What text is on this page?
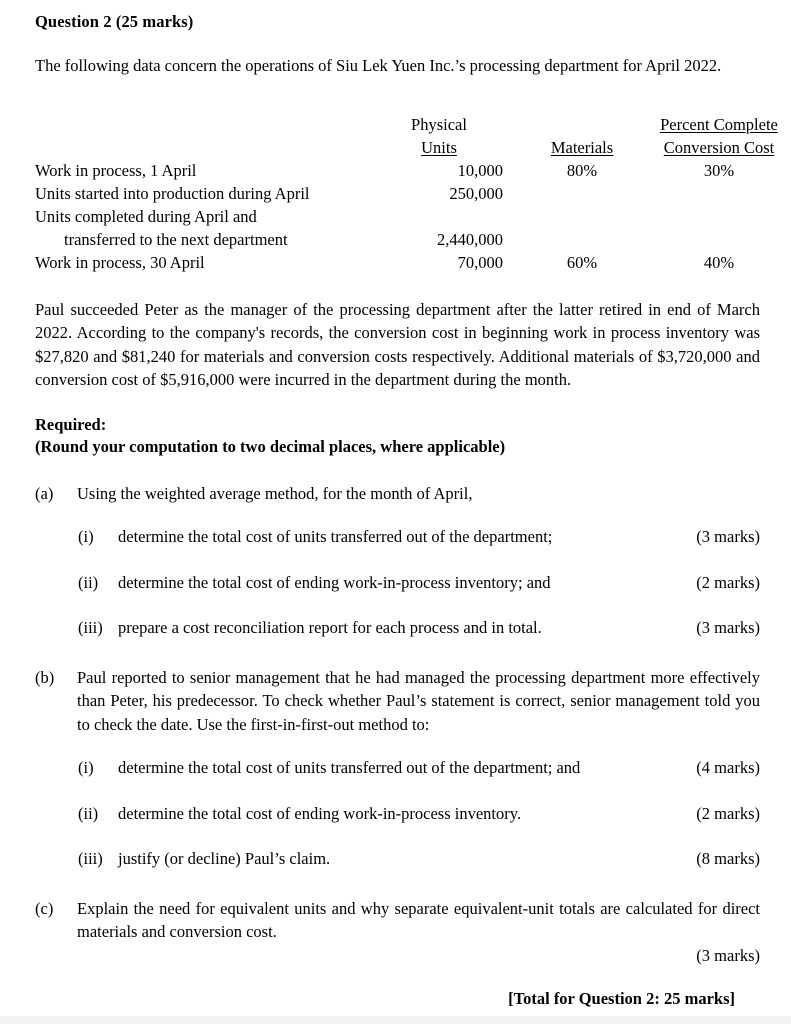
Question 2 (25 marks)

The following data concern the operations of Siu Lek Yuen Inc.’s processing department for April 2022.

	Physical		Percent Complete
	Units	Materials	Conversion Cost
Work in process, 1 April	10,000	80%	30%
Units started into production during April	250,000		
Units completed during April and			
transferred to the next department	2,440,000		
Work in process, 30 April	70,000	60%	40%

Paul succeeded Peter as the manager of the processing department after the latter retired in end of March 2022. According to the company's records, the conversion cost in beginning work in process inventory was $27,820 and $81,240 for materials and conversion costs respectively. Additional materials of $3,720,000 and conversion cost of $5,916,000 were incurred in the department during the month.

Required:
(Round your computation to two decimal places, where applicable)
(a)	Using the weighted average method, for the month of April,
(i)	determine the total cost of units transferred out of the department;	(3 marks)
(ii)	determine the total cost of ending work-in-process inventory; and	(2 marks)
(iii) prepare a cost reconciliation report for each process and in total.	(3 marks)
(b)	Paul reported to senior management that he had managed the processing department more effectively than Peter, his predecessor. To check whether Paul’s statement is correct, senior management told you to check the date. Use the first-in-first-out method to:
(i)	determine the total cost of units transferred out of the department; and	(4 marks)
(ii)	determine the total cost of ending work-in-process inventory.	(2 marks)
(iii) justify (or decline) Paul’s claim.	(8 marks)
(c)	Explain the need for equivalent units and why separate equivalent-unit totals are calculated for direct materials and conversion cost.
(3 marks)
[Total for Question 2: 25 marks]
